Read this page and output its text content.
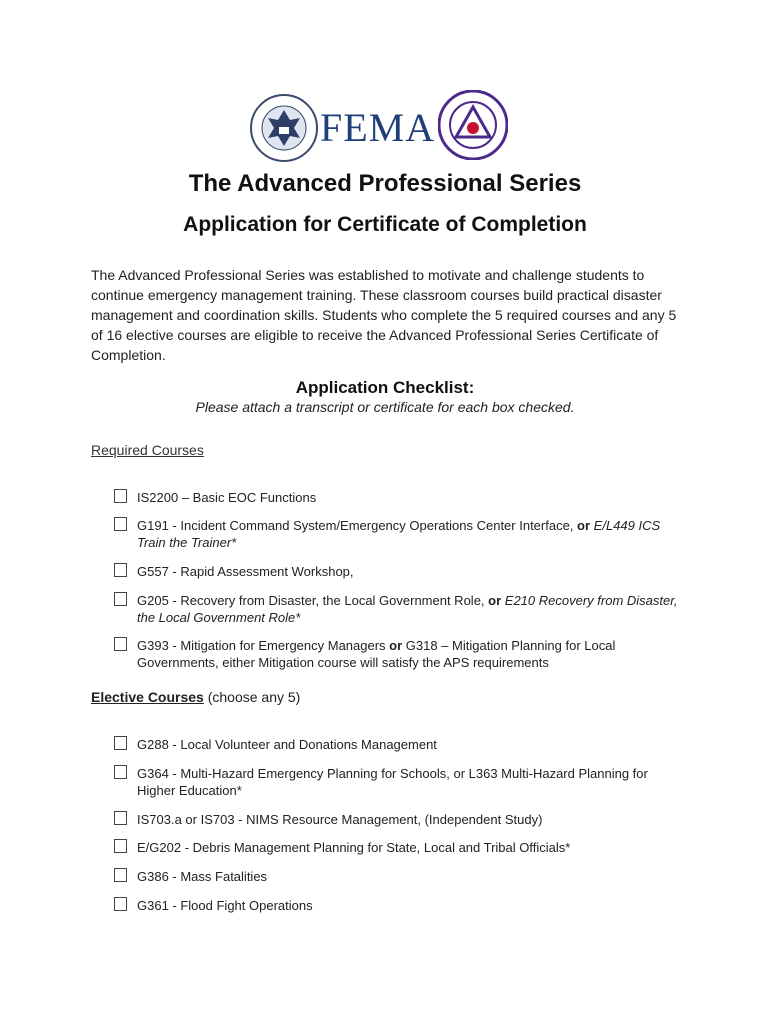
FEMA
The Advanced Professional Series
Application for Certificate of Completion
The Advanced Professional Series was established to motivate and challenge students to continue emergency management training. These classroom courses build practical disaster management and coordination skills. Students who complete the 5 required courses and any 5 of 16 elective courses are eligible to receive the Advanced Professional Series Certificate of Completion.
Application Checklist:
Please attach a transcript or certificate for each box checked.
Required Courses
IS2200 – Basic EOC Functions
G191 - Incident Command System/Emergency Operations Center Interface, or E/L449 ICS Train the Trainer*
G557 - Rapid Assessment Workshop,
G205 - Recovery from Disaster, the Local Government Role, or E210 Recovery from Disaster, the Local Government Role*
G393 - Mitigation for Emergency Managers or G318 – Mitigation Planning for Local Governments, either Mitigation course will satisfy the APS requirements
Elective Courses (choose any 5)
G288 - Local Volunteer and Donations Management
G364 - Multi-Hazard Emergency Planning for Schools, or L363 Multi-Hazard Planning for Higher Education*
IS703.a or IS703 - NIMS Resource Management, (Independent Study)
E/G202 - Debris Management Planning for State, Local and Tribal Officials*
G386 - Mass Fatalities
G361 - Flood Fight Operations
